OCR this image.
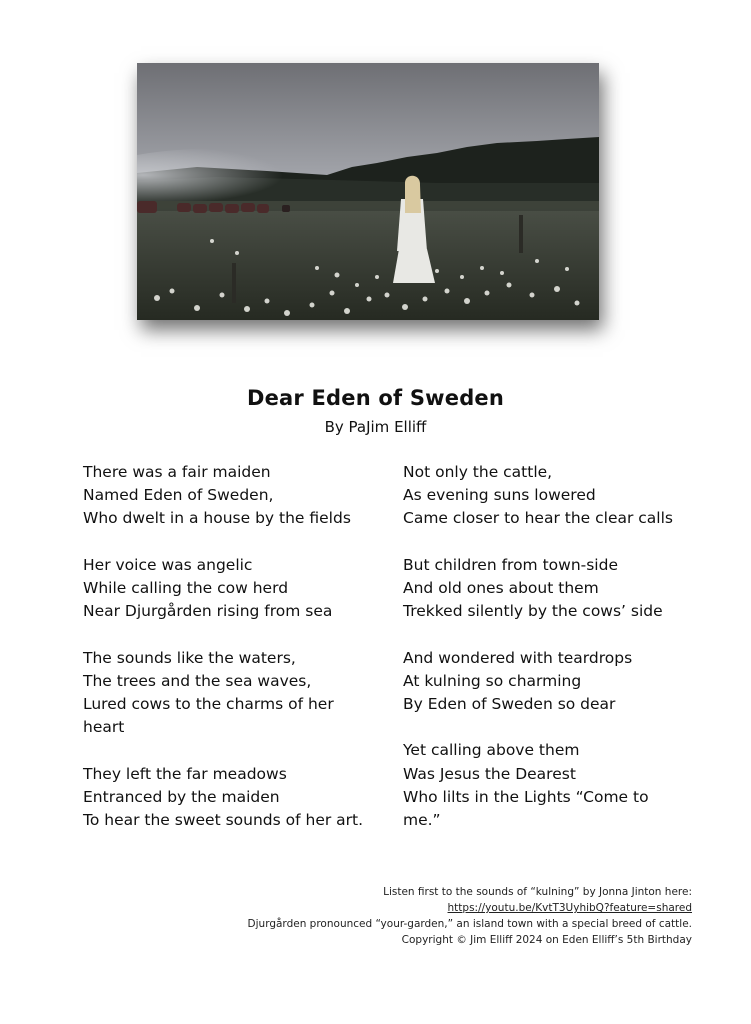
Dear Eden of Sweden
By PaJim Elliff
There was a fair maiden
Named Eden of Sweden,
Who dwelt in a house by the fields
Her voice was angelic
While calling the cow herd
Near Djurgården rising from sea
The sounds like the waters,
The trees and the sea waves,
Lured cows to the charms of her
heart
They left the far meadows
Entranced by the maiden
To hear the sweet sounds of her art.
Not only the cattle,
As evening suns lowered
Came closer to hear the clear calls
But children from town-side
And old ones about them
Trekked silently by the cows’ side
And wondered with teardrops
At kulning so charming
By Eden of Sweden so dear
Yet calling above them
Was Jesus the Dearest
Who lilts in the Lights “Come to
me.”
Listen first to the sounds of “kulning” by Jonna Jinton here:
https://youtu.be/KvtT3UyhibQ?feature=shared
Djurgården pronounced “your-garden,” an island town with a special breed of cattle.
Copyright © Jim Elliff 2024 on Eden Elliff’s 5th Birthday
